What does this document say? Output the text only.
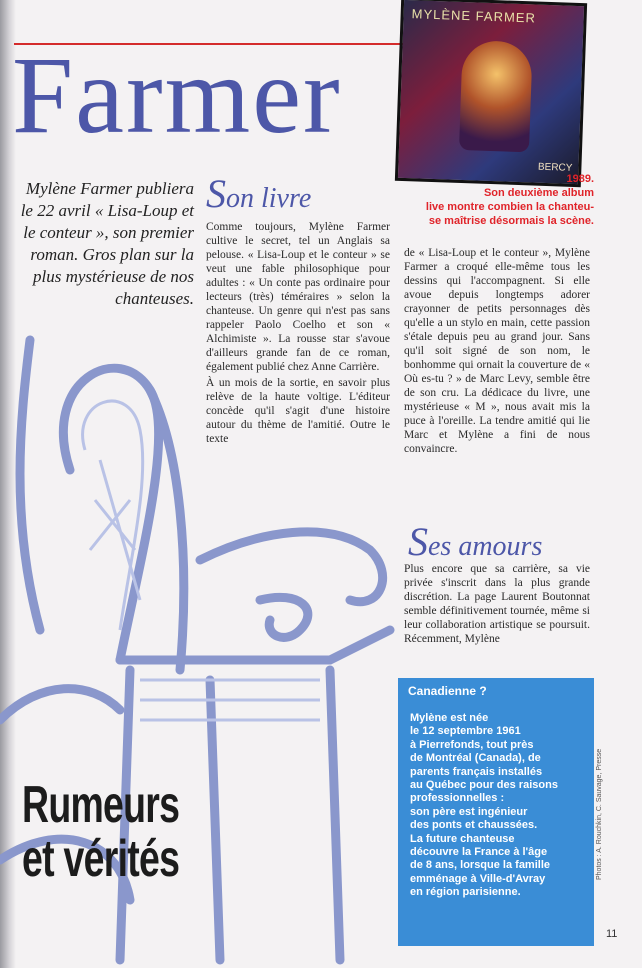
Farmer
MYLÈNE FARMER
BERCY
1989.
Son deuxième album
live montre combien la chanteu-
se maîtrise désormais la scène.
Mylène Farmer publiera le 22 avril « Lisa-Loup et le conteur », son premier roman. Gros plan sur la plus mystérieuse de nos chanteuses.
Son livre

Comme toujours, Mylène Farmer cultive le secret, tel un Anglais sa pelouse. « Lisa-Loup et le conteur » se veut une fable philosophique pour adultes : « Un conte pas ordinaire pour lecteurs (très) téméraires » selon la chanteuse. Un genre qui n'est pas sans rappeler Paolo Coelho et son « Alchimiste ». La rousse star s'avoue d'ailleurs grande fan de ce roman, également publié chez Anne Carrière.

À un mois de la sortie, en savoir plus relève de la haute voltige. L'éditeur concède qu'il s'agit d'une histoire autour du thème de l'amitié. Outre le texte

de « Lisa-Loup et le conteur », Mylène Farmer a croqué elle-même tous les dessins qui l'accompagnent. Si elle avoue depuis longtemps adorer crayonner de petits personnages dès qu'elle a un stylo en main, cette passion s'étale depuis peu au grand jour. Sans qu'il soit signé de son nom, le bonhomme qui ornait la couverture de « Où es-tu ? » de Marc Levy, semble être de son cru. La dédicace du livre, une mystérieuse « M », nous avait mis la puce à l'oreille. La tendre amitié qui lie Marc et Mylène a fini de nous convaincre.

Ses amours

Plus encore que sa carrière, sa vie privée s'inscrit dans la plus grande discrétion. La page Laurent Boutonnat semble définitivement tournée, même si leur collaboration artistique se poursuit. Récemment, Mylène

Rumeurs
et vérités
Canadienne ?

Mylène est née
le 12 septembre 1961
à Pierrefonds, tout près
de Montréal (Canada), de
parents français installés
au Québec pour des raisons
professionnelles :
son père est ingénieur
des ponts et chaussées.
La future chanteuse
découvre la France à l'âge
de 8 ans, lorsque la famille
emménage à Ville-d'Avray
en région parisienne.

Photos : A. Rouchkin, C. Sauvage, Presse
11
